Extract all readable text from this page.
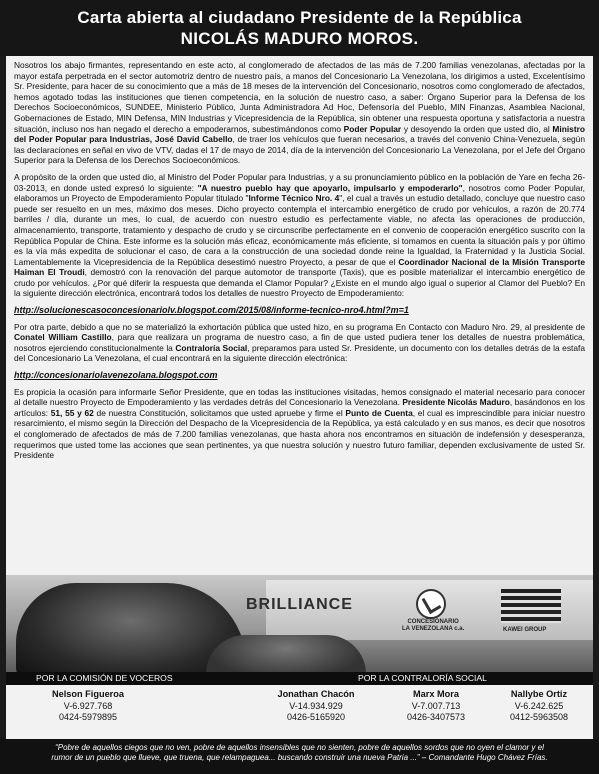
Carta abierta al ciudadano Presidente de la República
NICOLÁS MADURO MOROS.

Nosotros los abajo firmantes, representando en este acto, al conglomerado de afectados de las más de 7.200 familias venezolanas, afectadas por la mayor estafa perpetrada en el sector automotriz dentro de nuestro país, a manos del Concesionario La Venezolana, los dirigimos a usted, Excelentísimo Sr. Presidente, para hacer de su conocimiento que a más de 18 meses de la intervención del Concesionario, nosotros como conglomerado de afectados, hemos agotado todas las instituciones que tienen competencia, en la solución de nuestro caso, a saber: Órgano Superior para la Defensa de los Derechos Socioeconómicos, SUNDEE, Ministerio Público, Junta Administradora Ad Hoc, Defensoría del Pueblo, MIN Finanzas, Asamblea Nacional, Gobernaciones de Estado, MIN Defensa, MIN Industrias y Vicepresidencia de la República, sin obtener una respuesta oportuna y satisfactoria a nuestra situación, incluso nos han negado el derecho a empoderarnos, subestimándonos como Poder Popular y desoyendo la orden que usted dio, al Ministro del Poder Popular para Industrias, José David Cabello, de traer los vehículos que fueran necesarios, a través del convenio China-Venezuela, según las declaraciones en señal en vivo de VTV, dadas el 17 de mayo de 2014, día de la intervención del Concesionario La Venezolana, por el Jefe del Órgano Superior para la Defensa de los Derechos Socioeconómicos.

A propósito de la orden que usted dio, al Ministro del Poder Popular para Industrias, y a su pronunciamiento público en la población de Yare en fecha 26-03-2013, en donde usted expresó lo siguiente: "A nuestro pueblo hay que apoyarlo, impulsarlo y empoderarlo", nosotros como Poder Popular, elaboramos un Proyecto de Empoderamiento Popular titulado "Informe Técnico Nro. 4", el cual a través un estudio detallado, concluye que nuestro caso puede ser resuelto en un mes, máximo dos meses. Dicho proyecto contempla el intercambio energético de crudo por vehículos, a razón de 20.774 barriles / día, durante un mes, lo cual, de acuerdo con nuestro estudio es perfectamente viable, no afecta las operaciones de producción, almacenamiento, transporte, tratamiento y despacho de crudo y se circunscribe perfectamente en el convenio de cooperación energético suscrito con la República Popular de China. Este informe es la solución más eficaz, económicamente más eficiente, si tomamos en cuenta la situación país y por último es la vía más expedita de solucionar el caso, de cara a la construcción de una sociedad donde reine la Igualdad, la Fraternidad y la Justicia Social. Lamentablemente la Vicepresidencia de la República desestimó nuestro Proyecto, a pesar de que el Coordinador Nacional de la Misión Transporte Haiman El Troudi, demostró con la renovación del parque automotor de transporte (Taxis), que es posible materializar el intercambio energético de crudo por vehículos. ¿Por qué diferir la respuesta que demanda el Clamor Popular? ¿Existe en el mundo algo igual o superior al Clamor del Pueblo? En la siguiente dirección electrónica, encontrará todos los detalles de nuestro Proyecto de Empoderamiento:

http://solucionescasoconcesionariolv.blogspot.com/2015/08/informe-tecnico-nro4.html?m=1

Por otra parte, debido a que no se materializó la exhortación pública que usted hizo, en su programa En Contacto con Maduro Nro. 29, al presidente de Conatel William Castillo, para que realizara un programa de nuestro caso, a fin de que usted pudiera tener los detalles de nuestra problemática, nosotros ejerciendo constitucionalmente la Contraloría Social, preparamos para usted Sr. Presidente, un documento con los detalles detrás de la estafa del Concesionario La Venezolana, el cual encontrará en la siguiente dirección electrónica:

http://concesionariolavenezolana.blogspot.com

Es propicia la ocasión para informarle Señor Presidente, que en todas las instituciones visitadas, hemos consignado el material necesario para conocer al detalle nuestro Proyecto de Empoderamiento y las verdades detrás del Concesionario la Venezolana. Presidente Nicolás Maduro, basándonos en los artículos: 51, 55 y 62 de nuestra Constitución, solicitamos que usted apruebe y firme el Punto de Cuenta, el cual es imprescindible para iniciar nuestro resarcimiento, el mismo según la Dirección del Despacho de la Vicepresidencia de la República, ya está calculado y en sus manos, es decir que nosotros el conglomerado de afectados de más de 7.200 familias venezolanas, que hasta ahora nos encontramos en situación de indefensión y desesperanza, requerimos que usted tome las acciones que sean pertinentes, ya que nuestra solución y nuestro futuro familiar, dependen exclusivamente de usted Sr. Presidente

BRILLIANCE
CONCESIONARIO
LA VENEZOLANA c.a.	KAWEI GROUP
POR LA COMISIÓN DE VOCEROS	POR LA CONTRALORÍA SOCIAL
Nelson Figueroa
V-6.927.768
0424-5979895
Jonathan Chacón
V-14.934.929
0426-5165920
Marx Mora
V-7.007.713
0426-3407573
Nallybe Ortiz
V-6.242.625
0412-5963508
“Pobre de aquellos ciegos que no ven, pobre de aquellos insensibles que no sienten, pobre de aquellos sordos que no oyen el clamor y el
rumor de un pueblo que llueve, que truena, que relampaguea... buscando construir una nueva Patria ...” – Comandante Hugo Chávez Frías.
